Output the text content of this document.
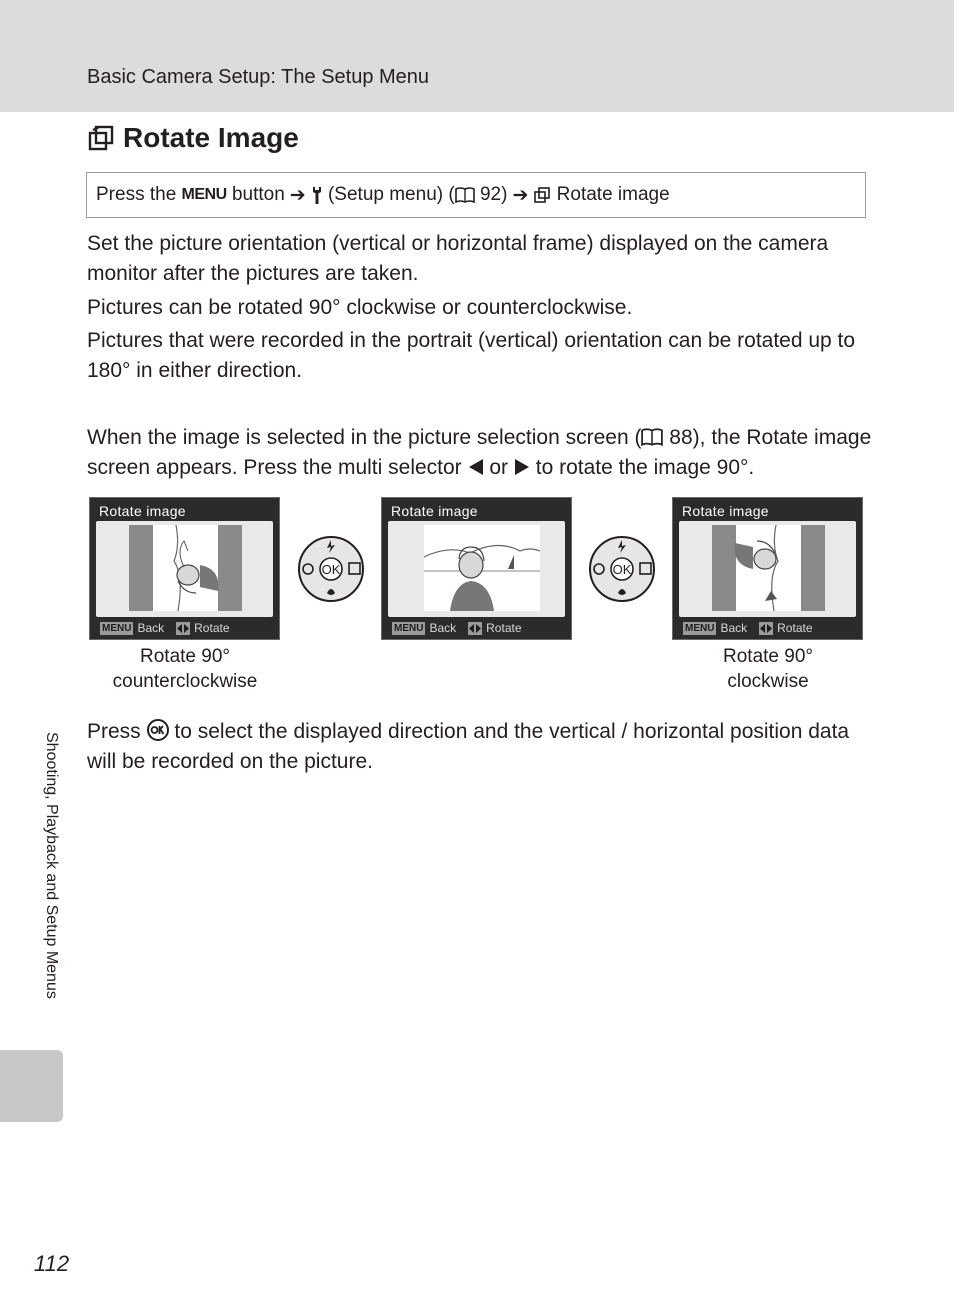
Basic Camera Setup: The Setup Menu
Rotate Image
Press the
MENU
button ➔
(Setup menu) (
92) ➔
Rotate image

Set the picture orientation (vertical or horizontal frame) displayed on the camera monitor after the pictures are taken.

Pictures can be rotated 90° clockwise or counterclockwise.

Pictures that were recorded in the portrait (vertical) orientation can be rotated up to 180° in either direction.

When the image is selected in the picture selection screen ( 88), the Rotate image screen appears. Press the multi selector or to rotate the image 90°.

Rotate image
MENU Back	Rotate
OK
Rotate image
MENU Back	Rotate
OK
Rotate image
MENU Back	Rotate
Rotate 90°
counterclockwise
Rotate 90°
clockwise

Press to select the displayed direction and the vertical / horizontal position data will be recorded on the picture.

Shooting, Playback and Setup Menus
112
